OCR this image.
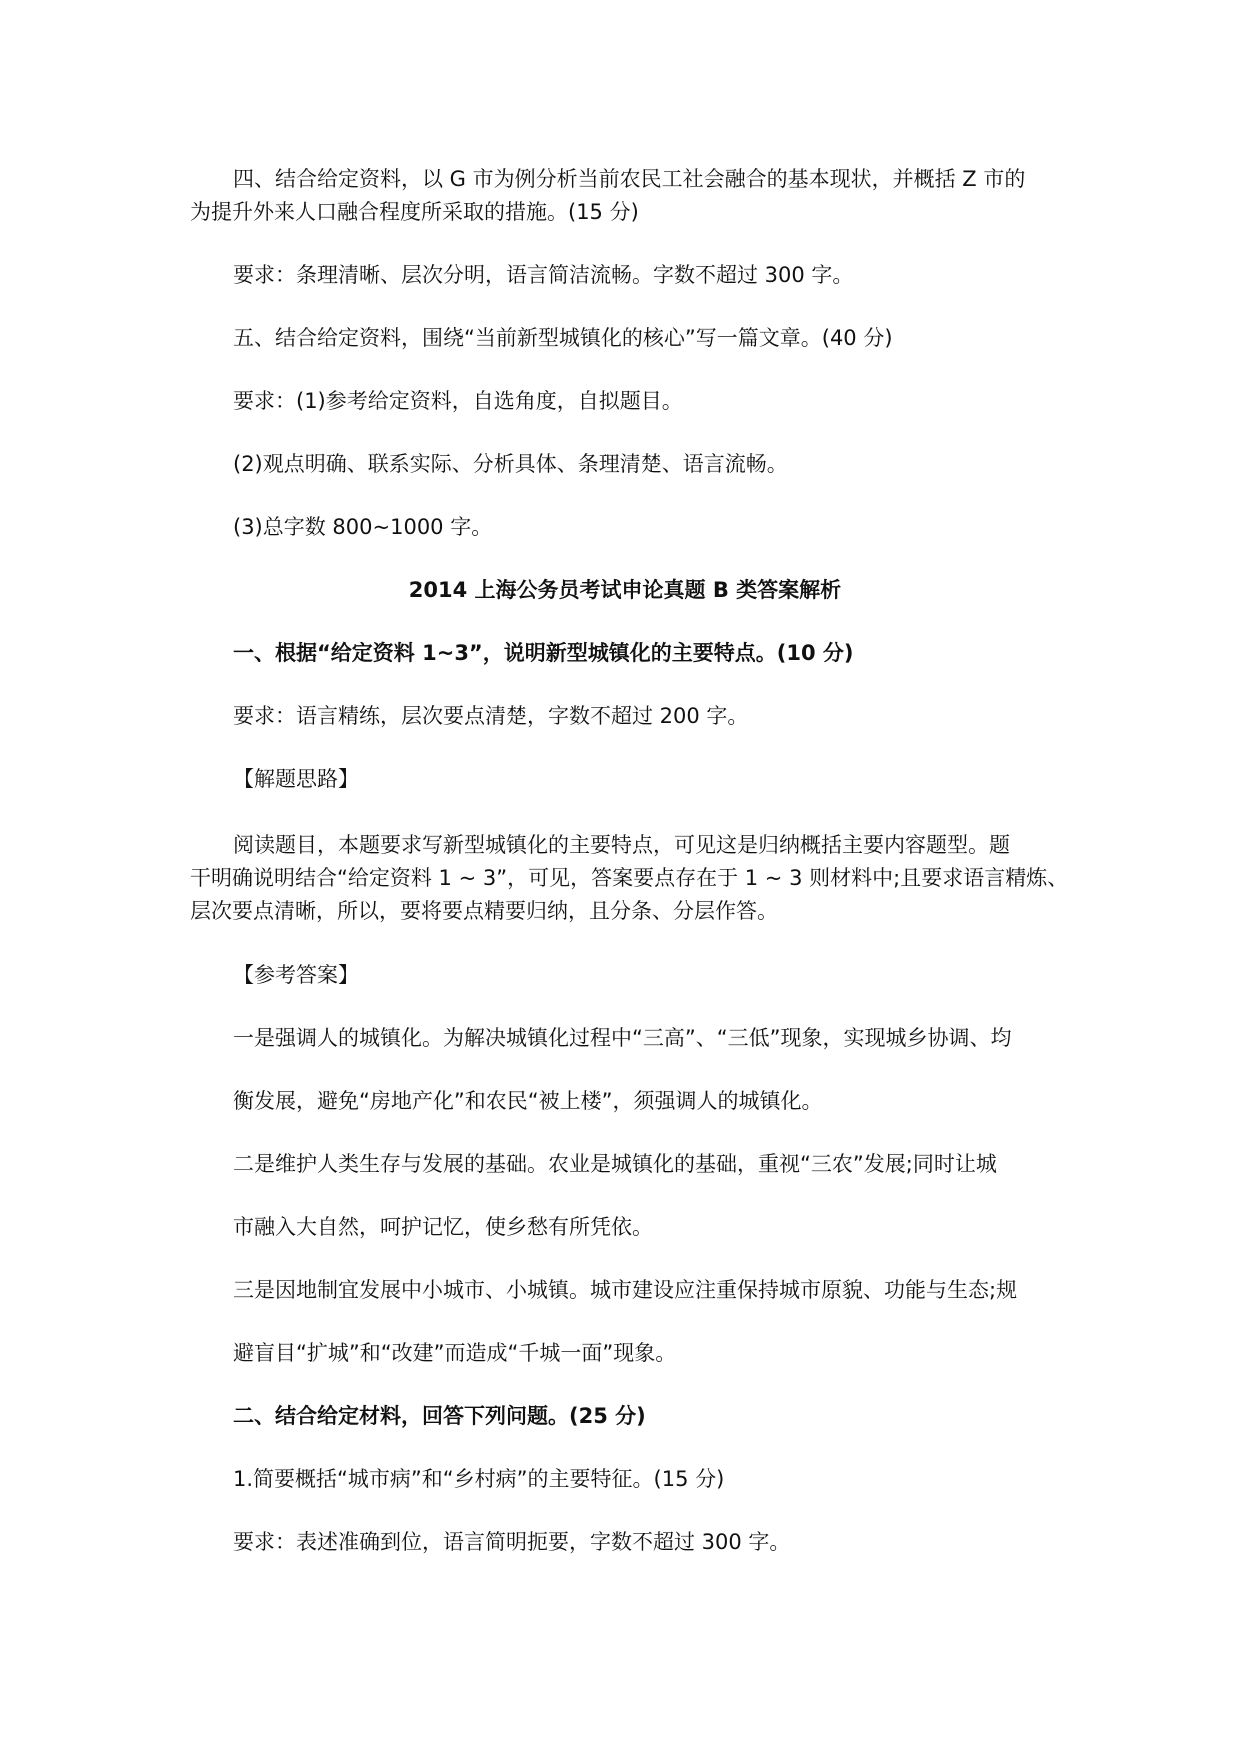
四、结合给定资料，以 G 市为例分析当前农民工社会融合的基本现状，并概括 Z 市的
为提升外来人口融合程度所采取的措施。(15 分)

要求：条理清晰、层次分明，语言简洁流畅。字数不超过 300 字。

五、结合给定资料，围绕“当前新型城镇化的核心”写一篇文章。(40 分)

要求：(1)参考给定资料，自选角度，自拟题目。

(2)观点明确、联系实际、分析具体、条理清楚、语言流畅。

(3)总字数 800~1000 字。

2014 上海公务员考试申论真题 B 类答案解析

一、根据“给定资料 1~3”，说明新型城镇化的主要特点。(10 分)

要求：语言精练，层次要点清楚，字数不超过 200 字。

【解题思路】

阅读题目，本题要求写新型城镇化的主要特点，可见这是归纳概括主要内容题型。题
干明确说明结合“给定资料 1 ~ 3”，可见，答案要点存在于 1 ~ 3 则材料中;且要求语言精炼、
层次要点清晰，所以，要将要点精要归纳，且分条、分层作答。

【参考答案】

一是强调人的城镇化。为解决城镇化过程中“三高”、“三低”现象，实现城乡协调、均

衡发展，避免“房地产化”和农民“被上楼”，须强调人的城镇化。

二是维护人类生存与发展的基础。农业是城镇化的基础，重视“三农”发展;同时让城

市融入大自然，呵护记忆，使乡愁有所凭依。

三是因地制宜发展中小城市、小城镇。城市建设应注重保持城市原貌、功能与生态;规

避盲目“扩城”和“改建”而造成“千城一面”现象。

二、结合给定材料，回答下列问题。(25 分)

1.简要概括“城市病”和“乡村病”的主要特征。(15 分)

要求：表述准确到位，语言简明扼要，字数不超过 300 字。
